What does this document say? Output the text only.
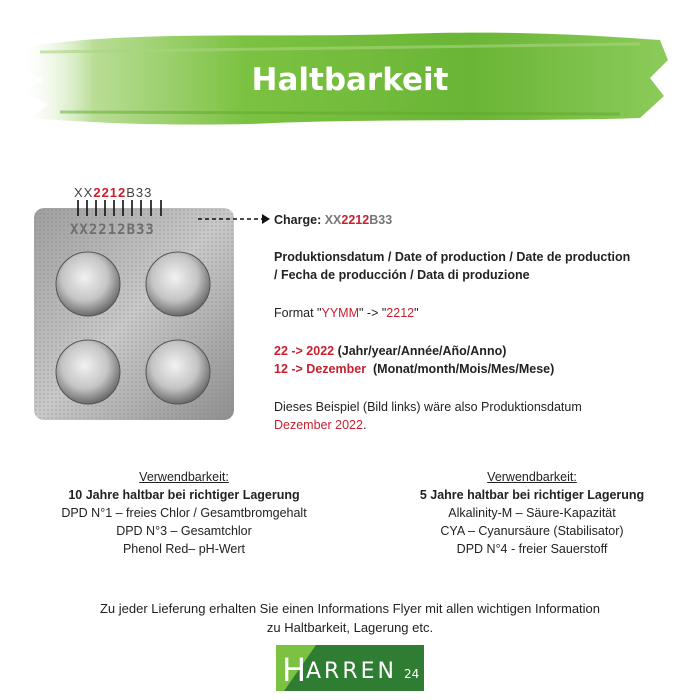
Haltbarkeit
XX2212B33
XX2212B33
Charge: XX2212B33
Produktionsdatum / Date of production / Date de production
/ Fecha de producción / Data di produzione
Format "YYMM" -> "2212"
22 -> 2022 (Jahr/year/Année/Año/Anno)
12 -> Dezember  (Monat/month/Mois/Mes/Mese)
Dieses Beispiel (Bild links) wäre also Produktionsdatum
Dezember 2022.
Verwendbarkeit:
10 Jahre haltbar bei richtiger Lagerung
DPD N°1 – freies Chlor / Gesamtbromgehalt
DPD N°3 – Gesamtchlor
Phenol Red– pH-Wert
Verwendbarkeit:
5 Jahre haltbar bei richtiger Lagerung
Alkalinity-M – Säure-Kapazität
CYA – Cyanursäure (Stabilisator)
DPD N°4 - freier Sauerstoff
Zu jeder Lieferung erhalten Sie einen Informations Flyer mit allen wichtigen Information
zu Haltbarkeit, Lagerung etc.
H ARREN 24
